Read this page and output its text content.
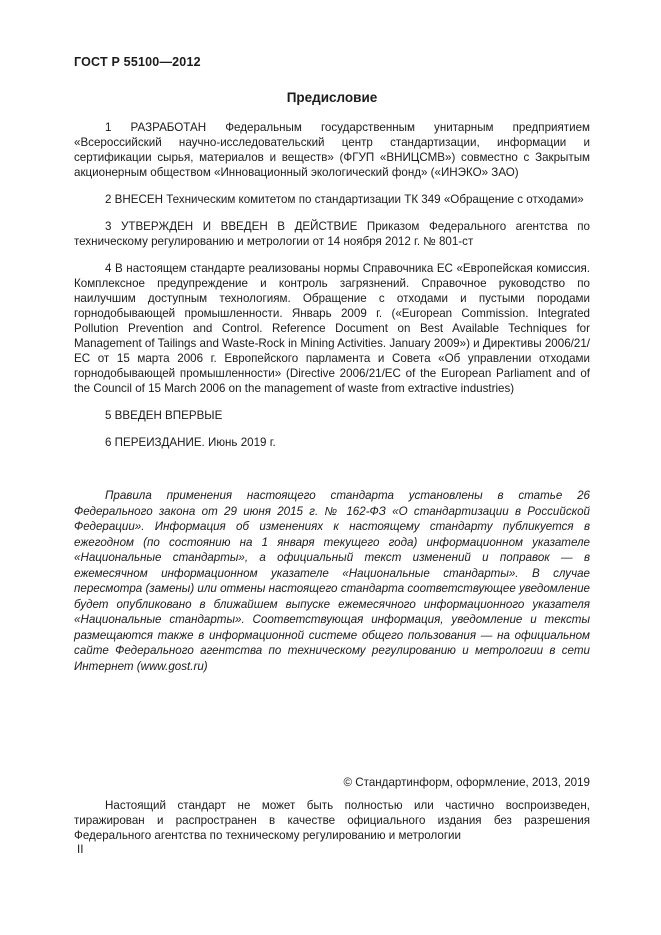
ГОСТ Р 55100—2012
Предисловие

1 РАЗРАБОТАН Федеральным государственным унитарным предприятием «Всероссийский научно-исследовательский центр стандартизации, информации и сертификации сырья, материалов и веществ» (ФГУП «ВНИЦСМВ») совместно с Закрытым акционерным обществом «Инновационный экологический фонд» («ИНЭКО» ЗАО)

2 ВНЕСЕН Техническим комитетом по стандартизации ТК 349 «Обращение с отходами»

3 УТВЕРЖДЕН И ВВЕДЕН В ДЕЙСТВИЕ Приказом Федерального агентства по техническому регулированию и метрологии от 14 ноября 2012 г. № 801-ст

4 В настоящем стандарте реализованы нормы Справочника ЕС «Европейская комиссия. Комплексное предупреждение и контроль загрязнений. Справочное руководство по наилучшим доступным технологиям. Обращение с отходами и пустыми породами горнодобывающей промышленности. Январь 2009 г. («European Commission. Integrated Pollution Prevention and Control. Reference Document on Best Available Techniques for Management of Tailings and Waste-Rock in Mining Activities. January 2009») и Директивы 2006/21/ЕС от 15 марта 2006 г. Европейского парламента и Совета «Об управлении отходами горнодобывающей промышленности» (Directive 2006/21/EC of the European Parliament and of the Council of 15 March 2006 on the management of waste from extractive industries)

5 ВВЕДЕН ВПЕРВЫЕ

6 ПЕРЕИЗДАНИЕ. Июнь 2019 г.

Правила применения настоящего стандарта установлены в статье 26 Федерального закона от 29 июня 2015 г. № 162-ФЗ «О стандартизации в Российской Федерации». Информация об изменениях к настоящему стандарту публикуется в ежегодном (по состоянию на 1 января текущего года) информационном указателе «Национальные стандарты», а официальный текст изменений и поправок — в ежемесячном информационном указателе «Национальные стандарты». В случае пересмотра (замены) или отмены настоящего стандарта соответствующее уведомление будет опубликовано в ближайшем выпуске ежемесячного информационного указателя «Национальные стандарты». Соответствующая информация, уведомление и тексты размещаются также в информационной системе общего пользования — на официальном сайте Федерального агентства по техническому регулированию и метрологии в сети Интернет (www.gost.ru)

© Стандартинформ, оформление, 2013, 2019

Настоящий стандарт не может быть полностью или частично воспроизведен, тиражирован и распространен в качестве официального издания без разрешения Федерального агентства по техническому регулированию и метрологии

II
